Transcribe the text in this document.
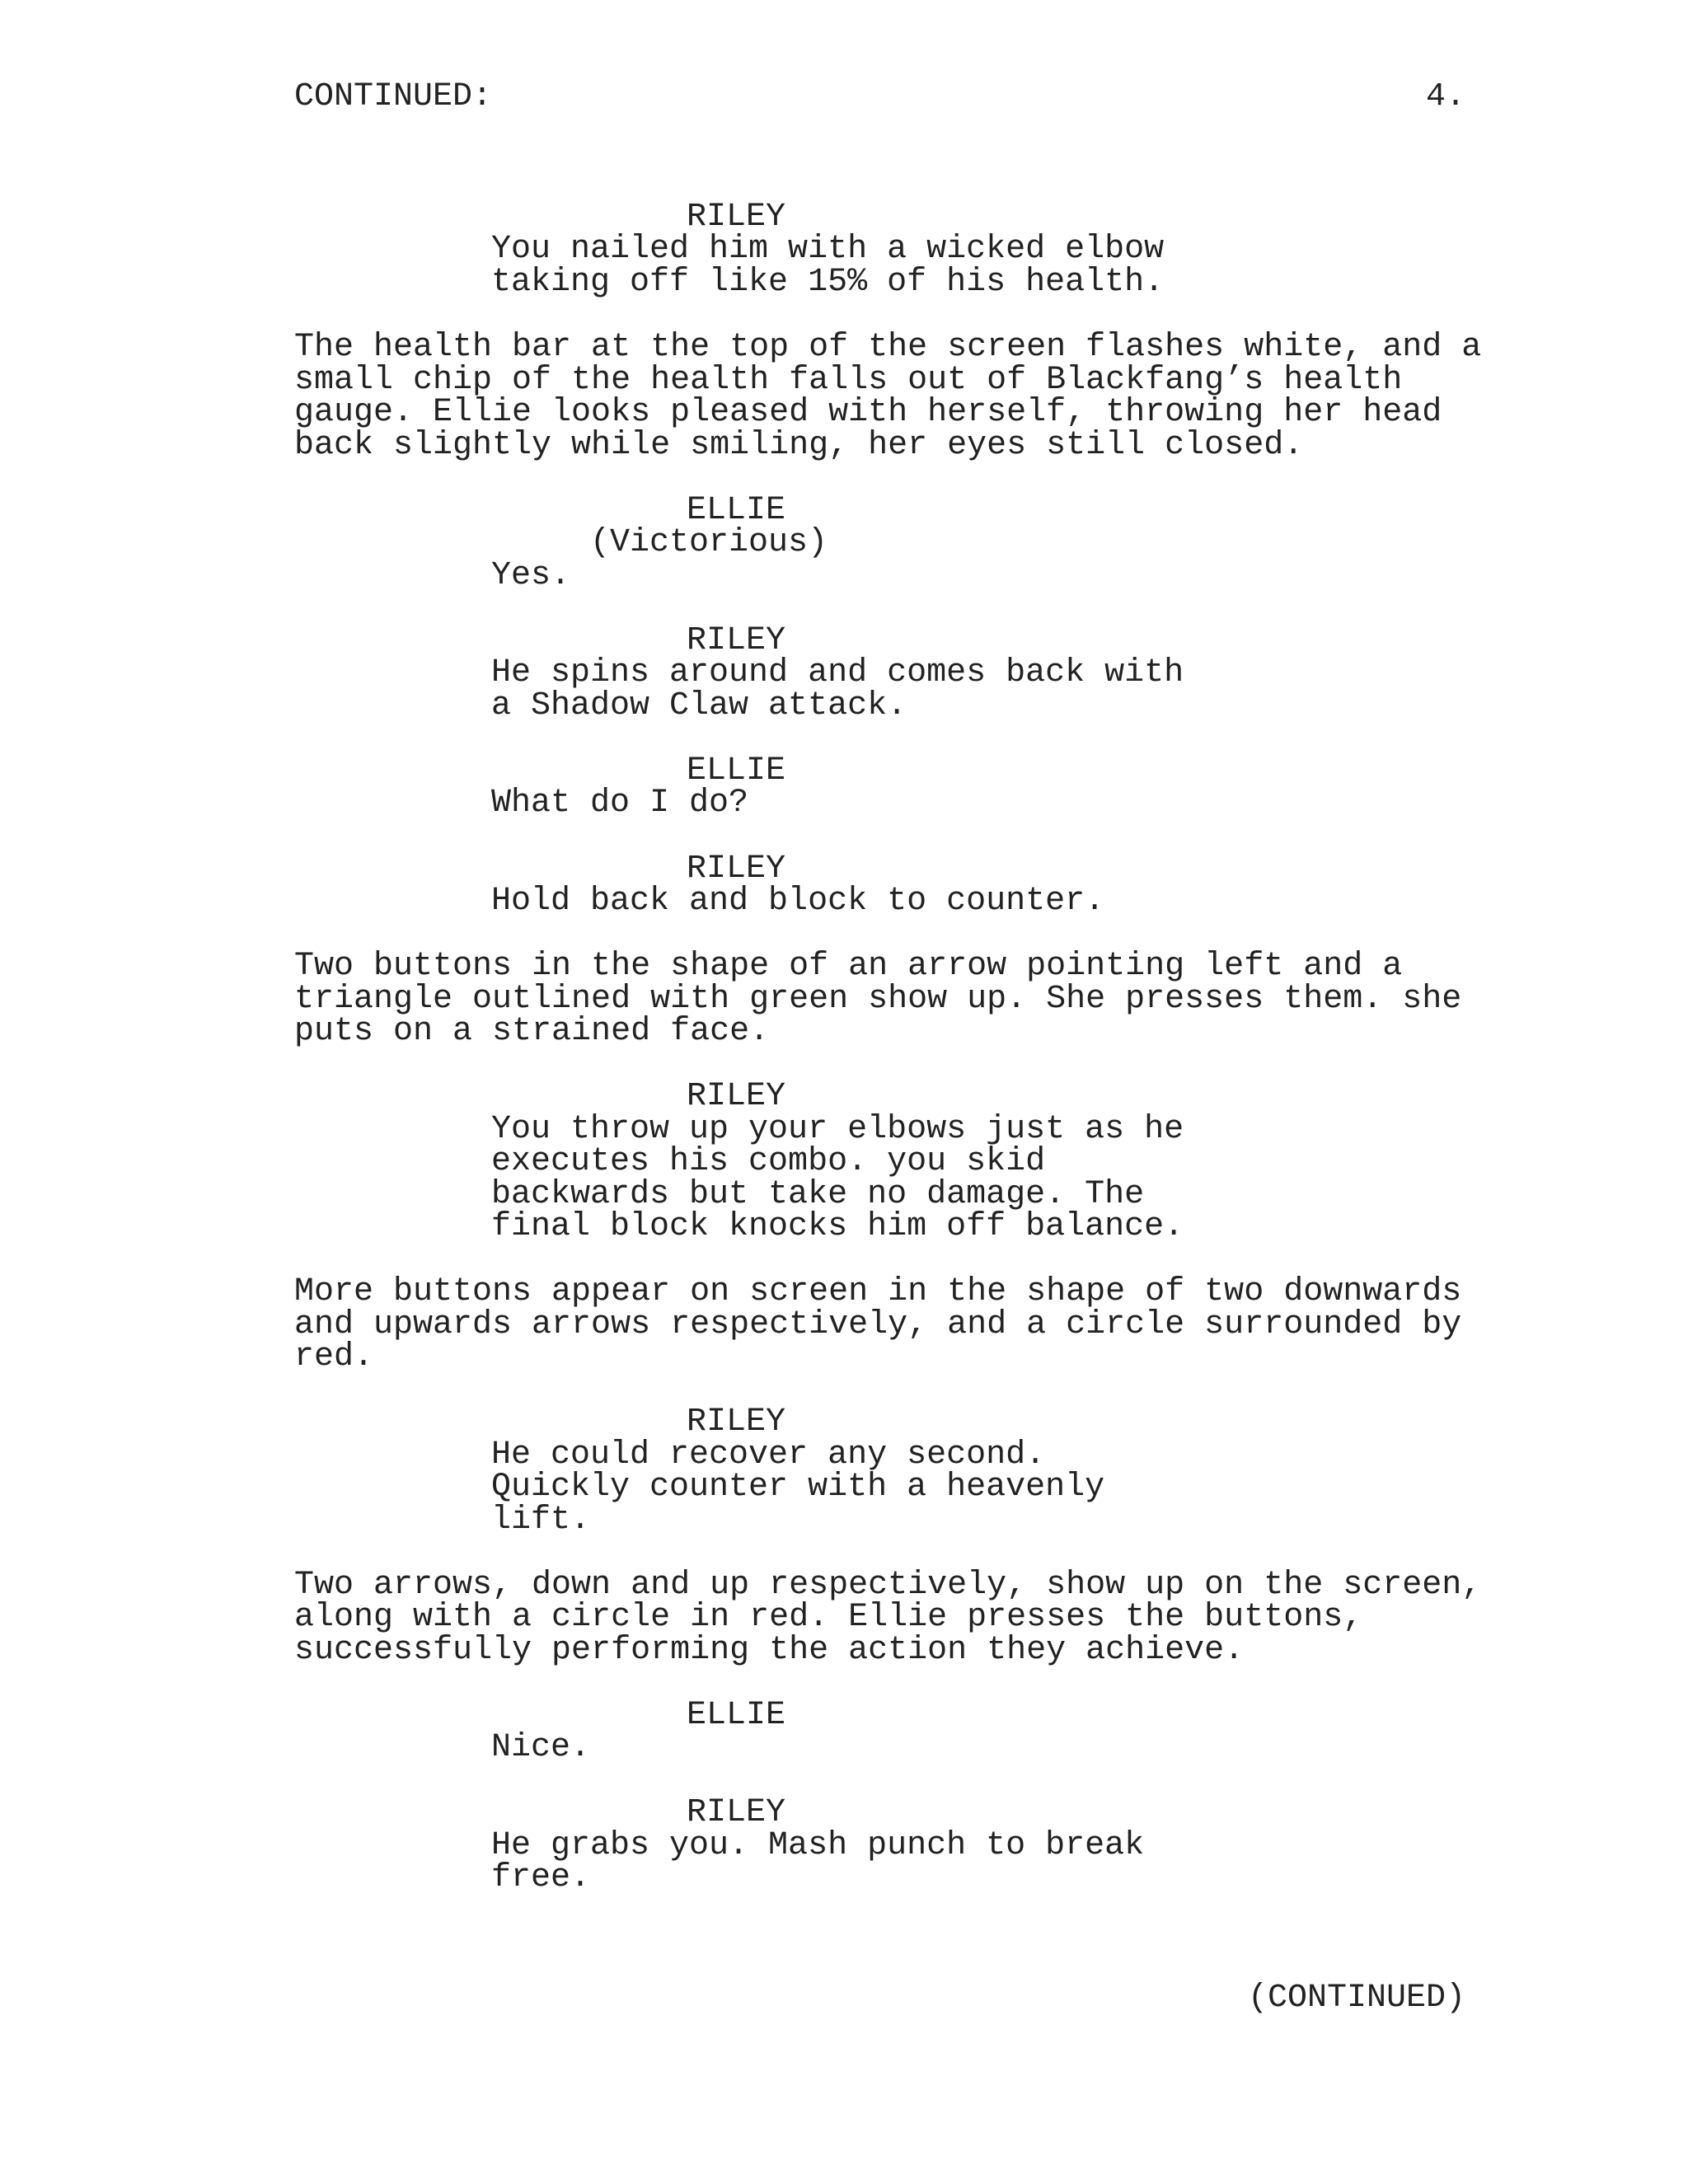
CONTINUED:	4.
RILEY
You nailed him with a wicked elbow
taking off like 15% of his health.
The health bar at the top of the screen flashes white, and a
small chip of the health falls out of Blackfang’s health
gauge. Ellie looks pleased with herself, throwing her head
back slightly while smiling, her eyes still closed.
ELLIE
(Victorious)
Yes.
RILEY
He spins around and comes back with
a Shadow Claw attack.
ELLIE
What do I do?
RILEY
Hold back and block to counter.
Two buttons in the shape of an arrow pointing left and a
triangle outlined with green show up. She presses them. she
puts on a strained face.
RILEY
You throw up your elbows just as he
executes his combo. you skid
backwards but take no damage. The
final block knocks him off balance.
More buttons appear on screen in the shape of two downwards
and upwards arrows respectively, and a circle surrounded by
red.
RILEY
He could recover any second.
Quickly counter with a heavenly
lift.
Two arrows, down and up respectively, show up on the screen,
along with a circle in red. Ellie presses the buttons,
successfully performing the action they achieve.
ELLIE
Nice.
RILEY
He grabs you. Mash punch to break
free.
(CONTINUED)
